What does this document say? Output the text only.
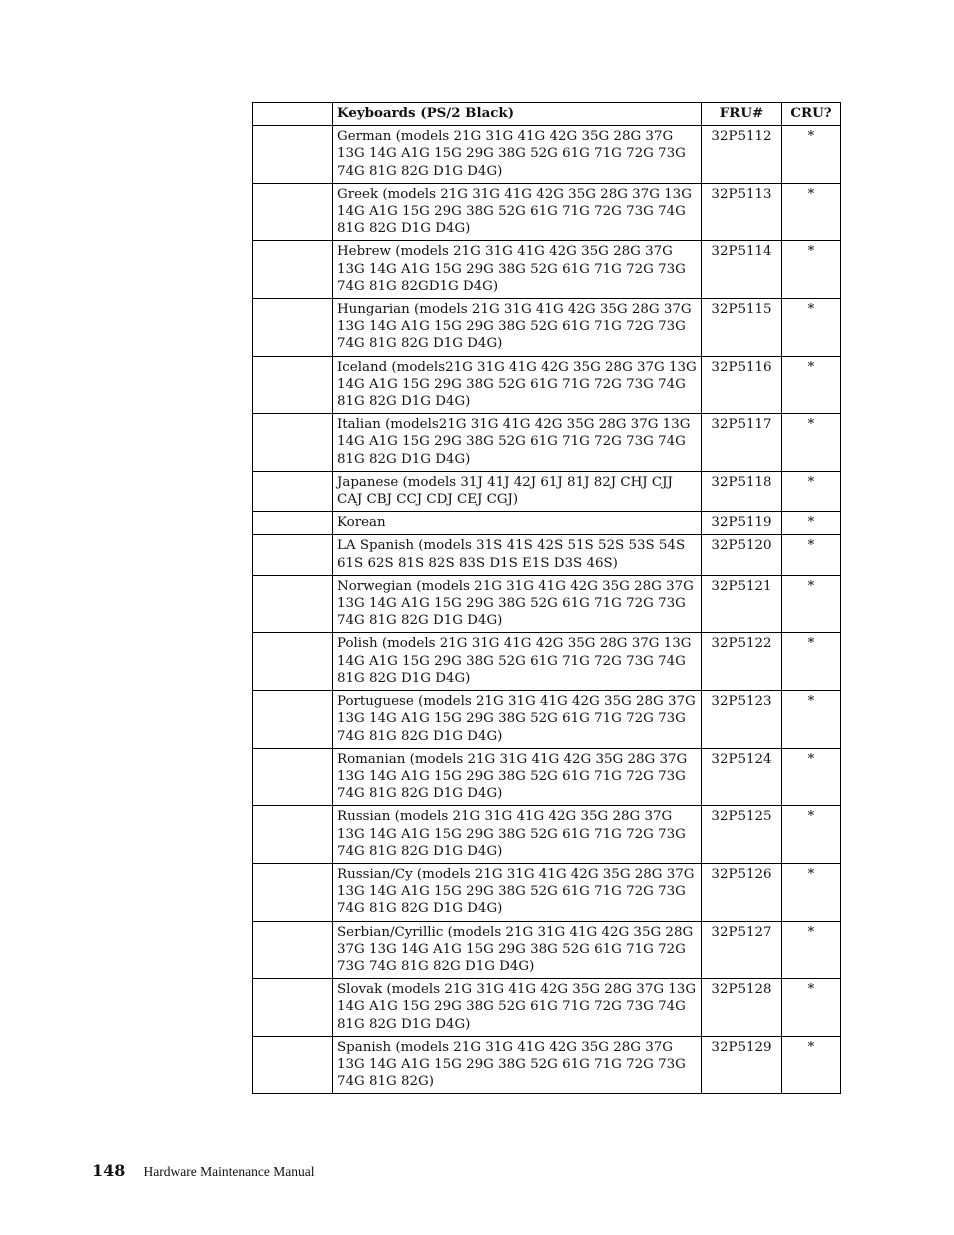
	Keyboards (PS/2 Black)	FRU#	CRU?
	German (models 21G 31G 41G 42G 35G 28G 37G 13G 14G A1G 15G 29G 38G 52G 61G 71G 72G 73G 74G 81G 82G D1G D4G)	32P5112	*
	Greek (models 21G 31G 41G 42G 35G 28G 37G 13G 14G A1G 15G 29G 38G 52G 61G 71G 72G 73G 74G 81G 82G D1G D4G)	32P5113	*
	Hebrew (models 21G 31G 41G 42G 35G 28G 37G 13G 14G A1G 15G 29G 38G 52G 61G 71G 72G 73G 74G 81G 82GD1G D4G)	32P5114	*
	Hungarian (models 21G 31G 41G 42G 35G 28G 37G 13G 14G A1G 15G 29G 38G 52G 61G 71G 72G 73G 74G 81G 82G D1G D4G)	32P5115	*
	Iceland (models21G 31G 41G 42G 35G 28G 37G 13G 14G A1G 15G 29G 38G 52G 61G 71G 72G 73G 74G 81G 82G D1G D4G)	32P5116	*
	Italian (models21G 31G 41G 42G 35G 28G 37G 13G 14G A1G 15G 29G 38G 52G 61G 71G 72G 73G 74G 81G 82G D1G D4G)	32P5117	*
	Japanese (models 31J 41J 42J 61J 81J 82J CHJ CJJ CAJ CBJ CCJ CDJ CEJ CGJ)	32P5118	*
	Korean	32P5119	*
	LA Spanish (models 31S 41S 42S 51S 52S 53S 54S 61S 62S 81S 82S 83S D1S E1S D3S 46S)	32P5120	*
	Norwegian (models 21G 31G 41G 42G 35G 28G 37G 13G 14G A1G 15G 29G 38G 52G 61G 71G 72G 73G 74G 81G 82G D1G D4G)	32P5121	*
	Polish (models 21G 31G 41G 42G 35G 28G 37G 13G 14G A1G 15G 29G 38G 52G 61G 71G 72G 73G 74G 81G 82G D1G D4G)	32P5122	*
	Portuguese (models 21G 31G 41G 42G 35G 28G 37G 13G 14G A1G 15G 29G 38G 52G 61G 71G 72G 73G 74G 81G 82G D1G D4G)	32P5123	*
	Romanian (models 21G 31G 41G 42G 35G 28G 37G 13G 14G A1G 15G 29G 38G 52G 61G 71G 72G 73G 74G 81G 82G D1G D4G)	32P5124	*
	Russian (models 21G 31G 41G 42G 35G 28G 37G 13G 14G A1G 15G 29G 38G 52G 61G 71G 72G 73G 74G 81G 82G D1G D4G)	32P5125	*
	Russian/Cy (models 21G 31G 41G 42G 35G 28G 37G 13G 14G A1G 15G 29G 38G 52G 61G 71G 72G 73G 74G 81G 82G D1G D4G)	32P5126	*
	Serbian/Cyrillic (models 21G 31G 41G 42G 35G 28G 37G 13G 14G A1G 15G 29G 38G 52G 61G 71G 72G 73G 74G 81G 82G D1G D4G)	32P5127	*
	Slovak (models 21G 31G 41G 42G 35G 28G 37G 13G 14G A1G 15G 29G 38G 52G 61G 71G 72G 73G 74G 81G 82G D1G D4G)	32P5128	*
	Spanish (models 21G 31G 41G 42G 35G 28G 37G 13G 14G A1G 15G 29G 38G 52G 61G 71G 72G 73G 74G 81G 82G)	32P5129	*
148 Hardware Maintenance Manual
